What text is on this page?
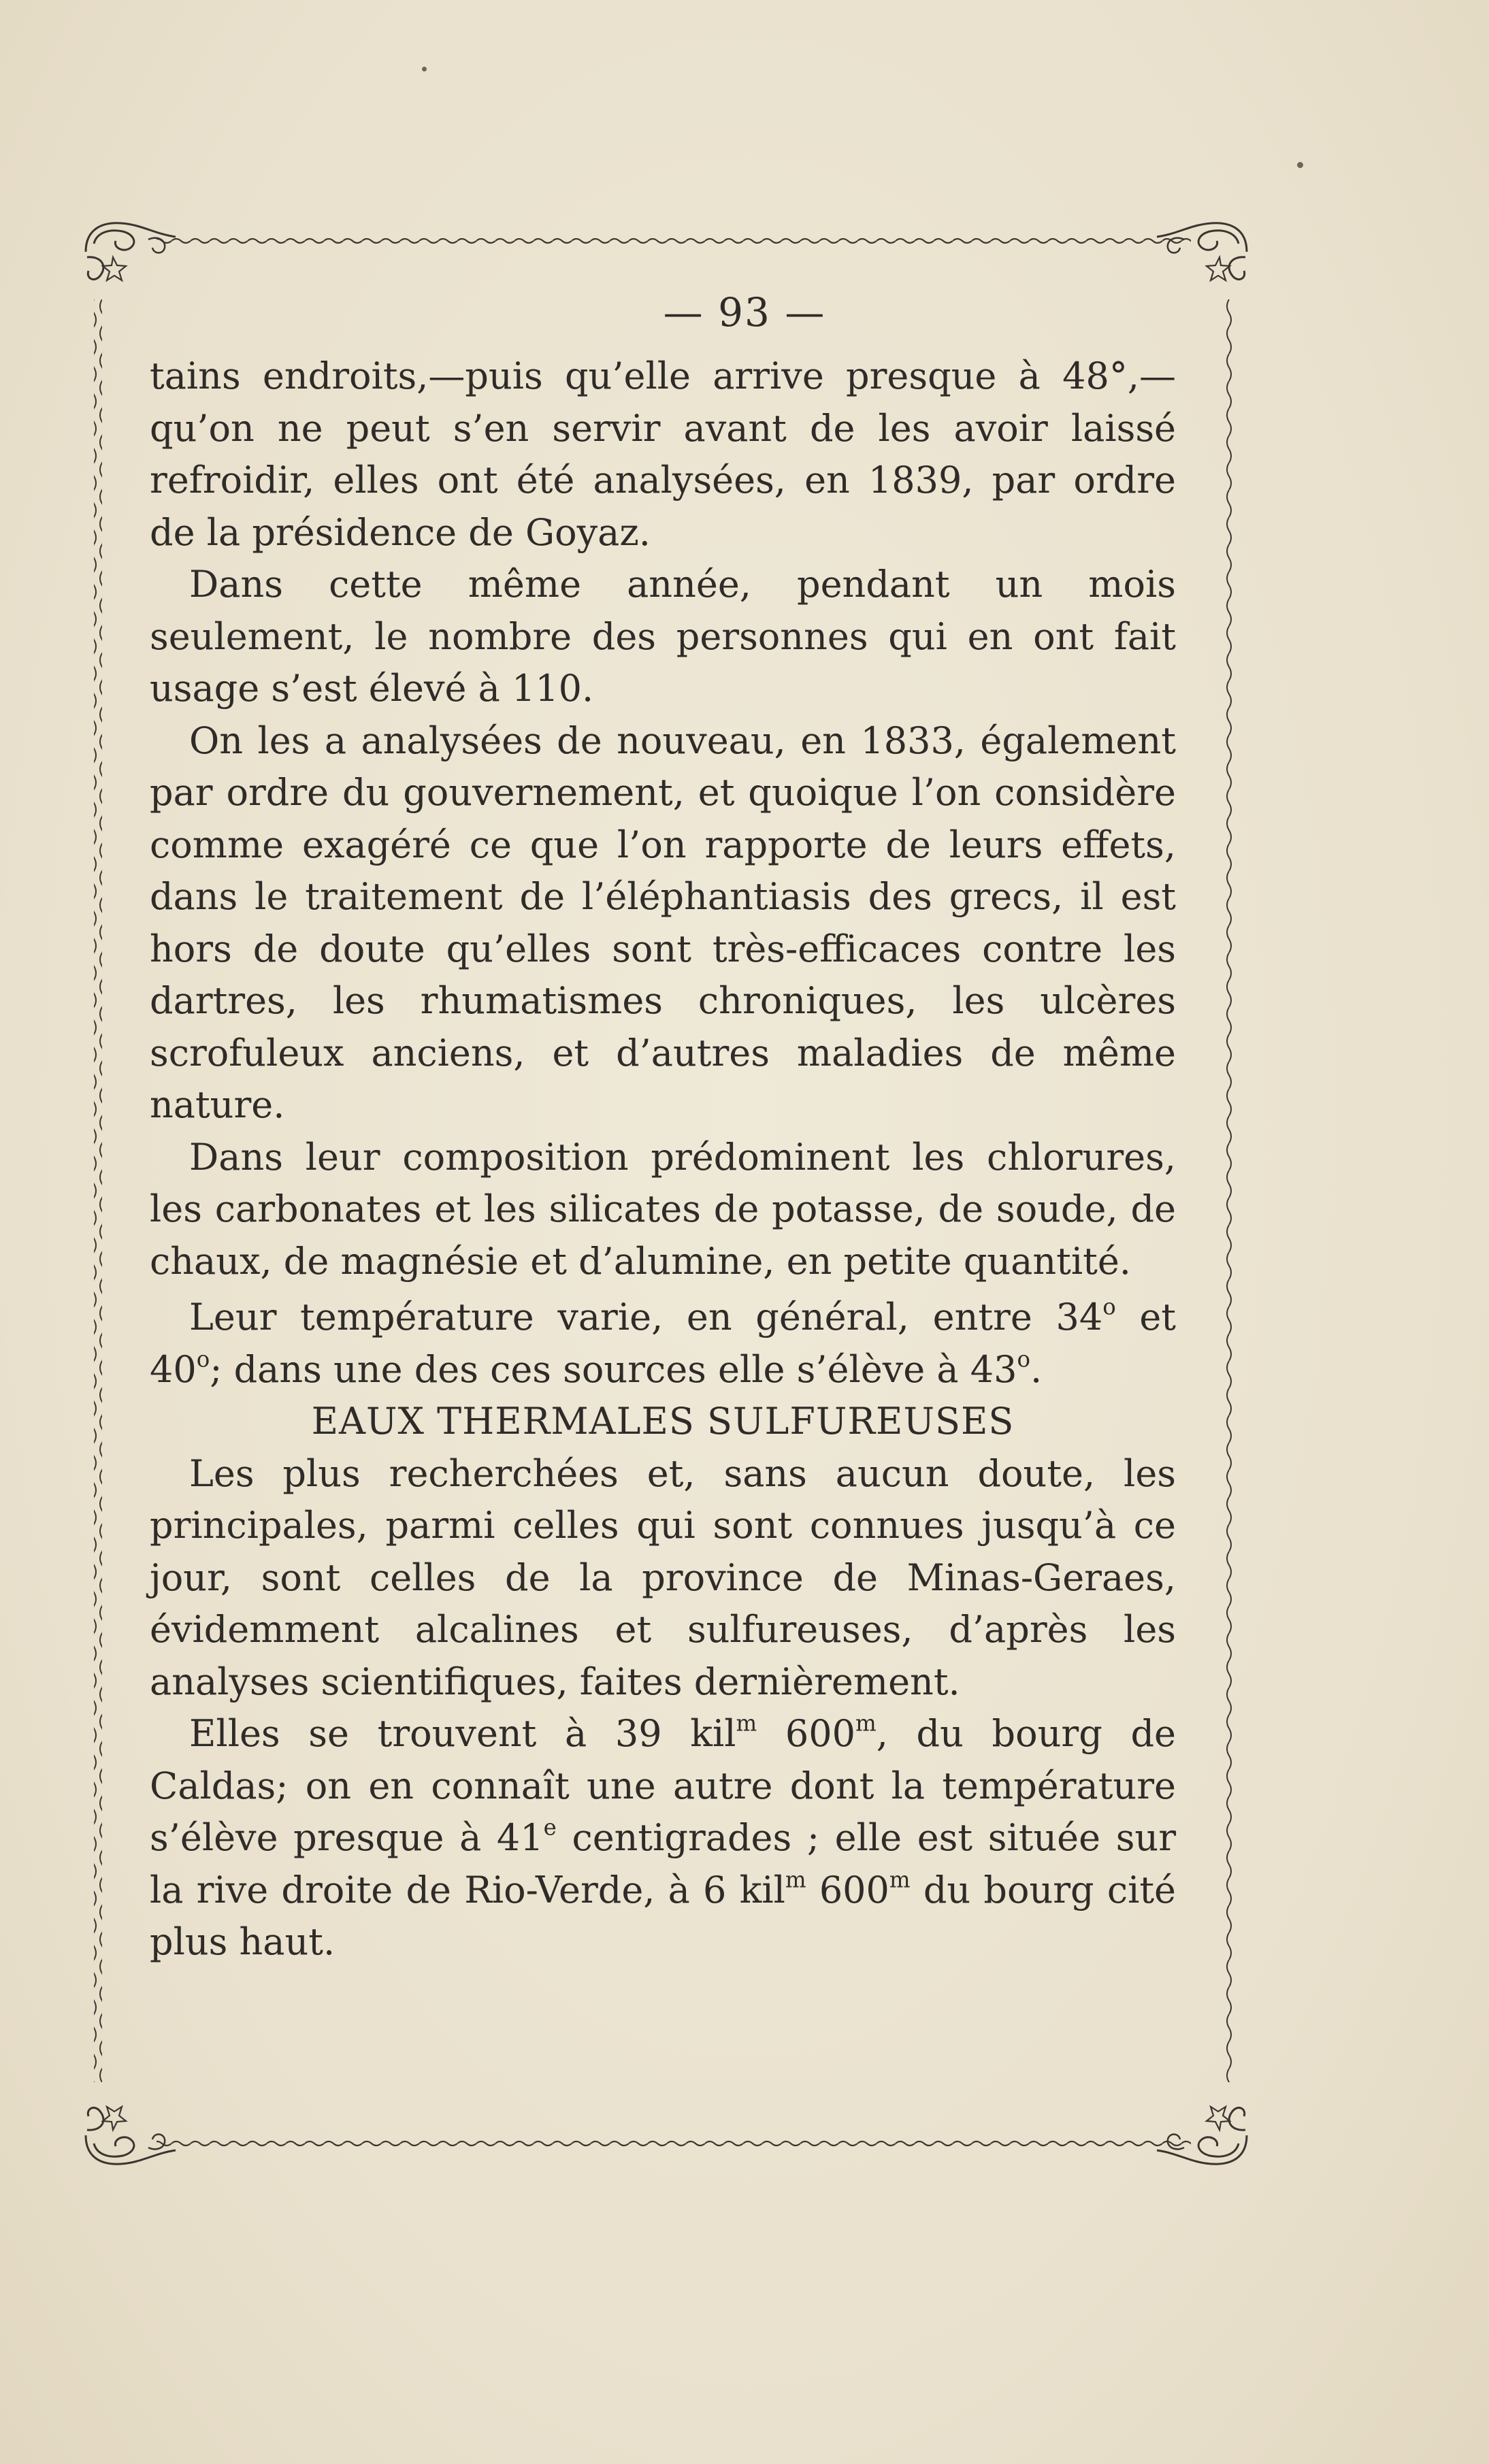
— 93 —

tains endroits,—puis qu’elle arrive presque à 48°,—qu’on ne peut s’en servir avant de les avoir laissé refroidir, elles ont été analysées, en 1839, par ordre de la présidence de Goyaz.

Dans cette même année, pendant un mois seulement, le nombre des personnes qui en ont fait usage s’est élevé à 110.

On les a analysées de nouveau, en 1833, également par ordre du gouvernement, et quoique l’on considère comme exagéré ce que l’on rapporte de leurs effets, dans le traitement de l’éléphantiasis des grecs, il est hors de doute qu’elles sont très-efficaces contre les dartres, les rhumatismes chroniques, les ulcères scrofuleux anciens, et d’autres maladies de même nature.

Dans leur composition prédominent les chlorures, les carbonates et les silicates de potasse, de soude, de chaux, de magnésie et d’alumine, en petite quantité.

Leur température varie, en général, entre 34$^o$ et 40$^o$; dans une des ces sources elle s’élève à 43$^o$.

EAUX THERMALES SULFUREUSES

Les plus recherchées et, sans aucun doute, les principales, parmi celles qui sont connues jusqu’à ce jour, sont celles de la province de Minas-Geraes, évidemment alcalines et sulfureuses, d’après les analyses scientifiques, faites dernièrement.

Elles se trouvent à 39 kil$^m$ 600$^m$, du bourg de Caldas; on en connaît une autre dont la température s’élève presque à 41e centigrades ; elle est située sur la rive droite de Rio-Verde, à 6 kil$^m$ 600$^m$ du bourg cité plus haut.
